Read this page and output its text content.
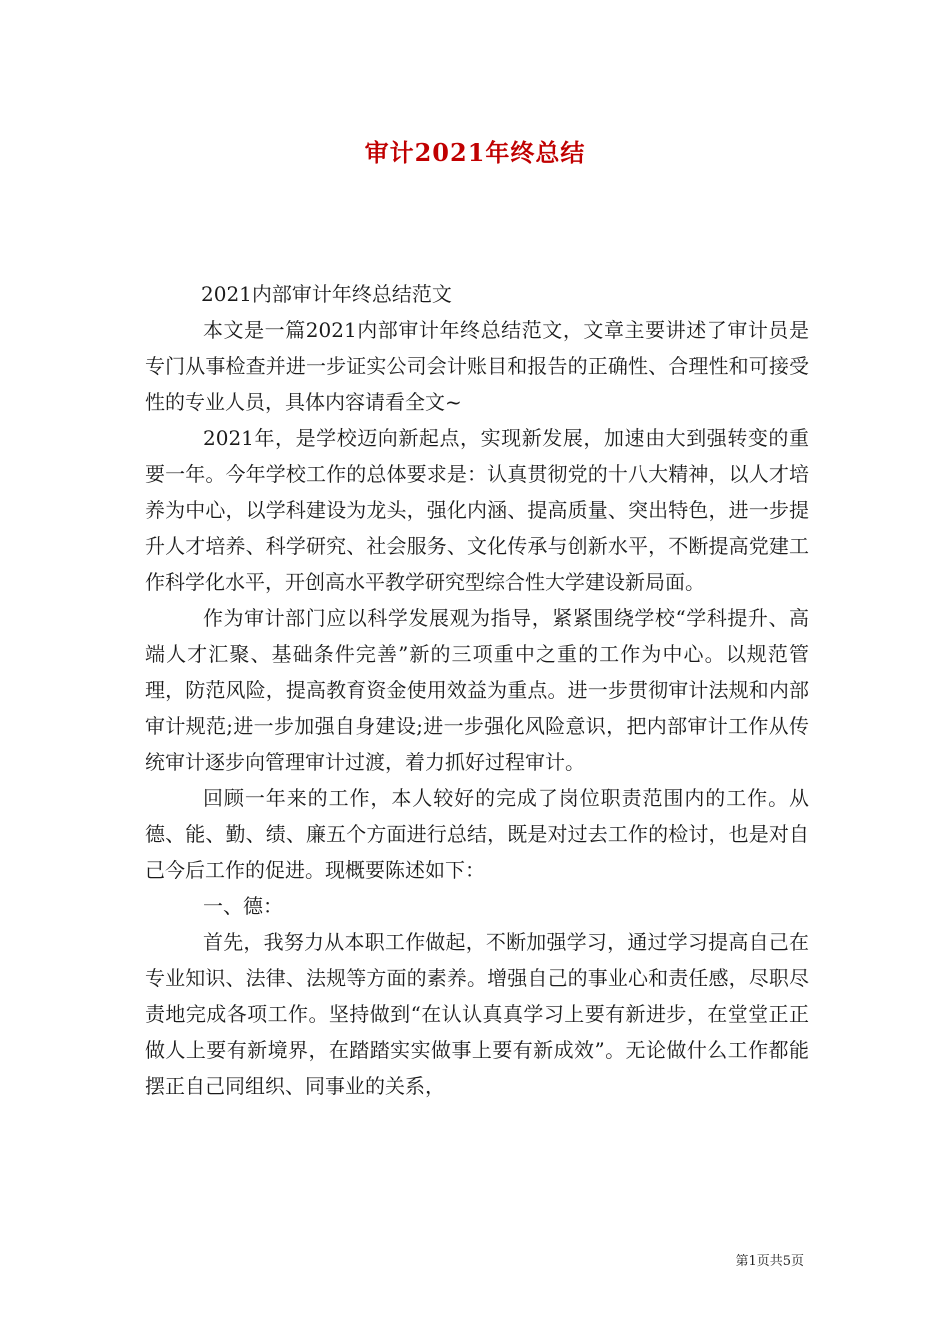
审计2021年终总结

2021内部审计年终总结范文

本文是一篇2021内部审计年终总结范文，文章主要讲述了审计员是专门从事检查并进一步证实公司会计账目和报告的正确性、合理性和可接受性的专业人员，具体内容请看全文~

2021年，是学校迈向新起点，实现新发展，加速由大到强转变的重要一年。今年学校工作的总体要求是：认真贯彻党的十八大精神，以人才培养为中心，以学科建设为龙头，强化内涵、提高质量、突出特色，进一步提升人才培养、科学研究、社会服务、文化传承与创新水平，不断提高党建工作科学化水平，开创高水平教学研究型综合性大学建设新局面。

作为审计部门应以科学发展观为指导，紧紧围绕学校“学科提升、高端人才汇聚、基础条件完善”新的三项重中之重的工作为中心。以规范管理，防范风险，提高教育资金使用效益为重点。进一步贯彻审计法规和内部审计规范;进一步加强自身建设;进一步强化风险意识，把内部审计工作从传统审计逐步向管理审计过渡，着力抓好过程审计。

回顾一年来的工作，本人较好的完成了岗位职责范围内的工作。从德、能、勤、绩、廉五个方面进行总结，既是对过去工作的检讨，也是对自己今后工作的促进。现概要陈述如下：

一、德：

首先，我努力从本职工作做起，不断加强学习，通过学习提高自己在专业知识、法律、法规等方面的素养。增强自己的事业心和责任感，尽职尽责地完成各项工作。坚持做到“在认认真真学习上要有新进步，在堂堂正正做人上要有新境界，在踏踏实实做事上要有新成效”。无论做什么工作都能摆正自己同组织、同事业的关系，

第1页共5页
